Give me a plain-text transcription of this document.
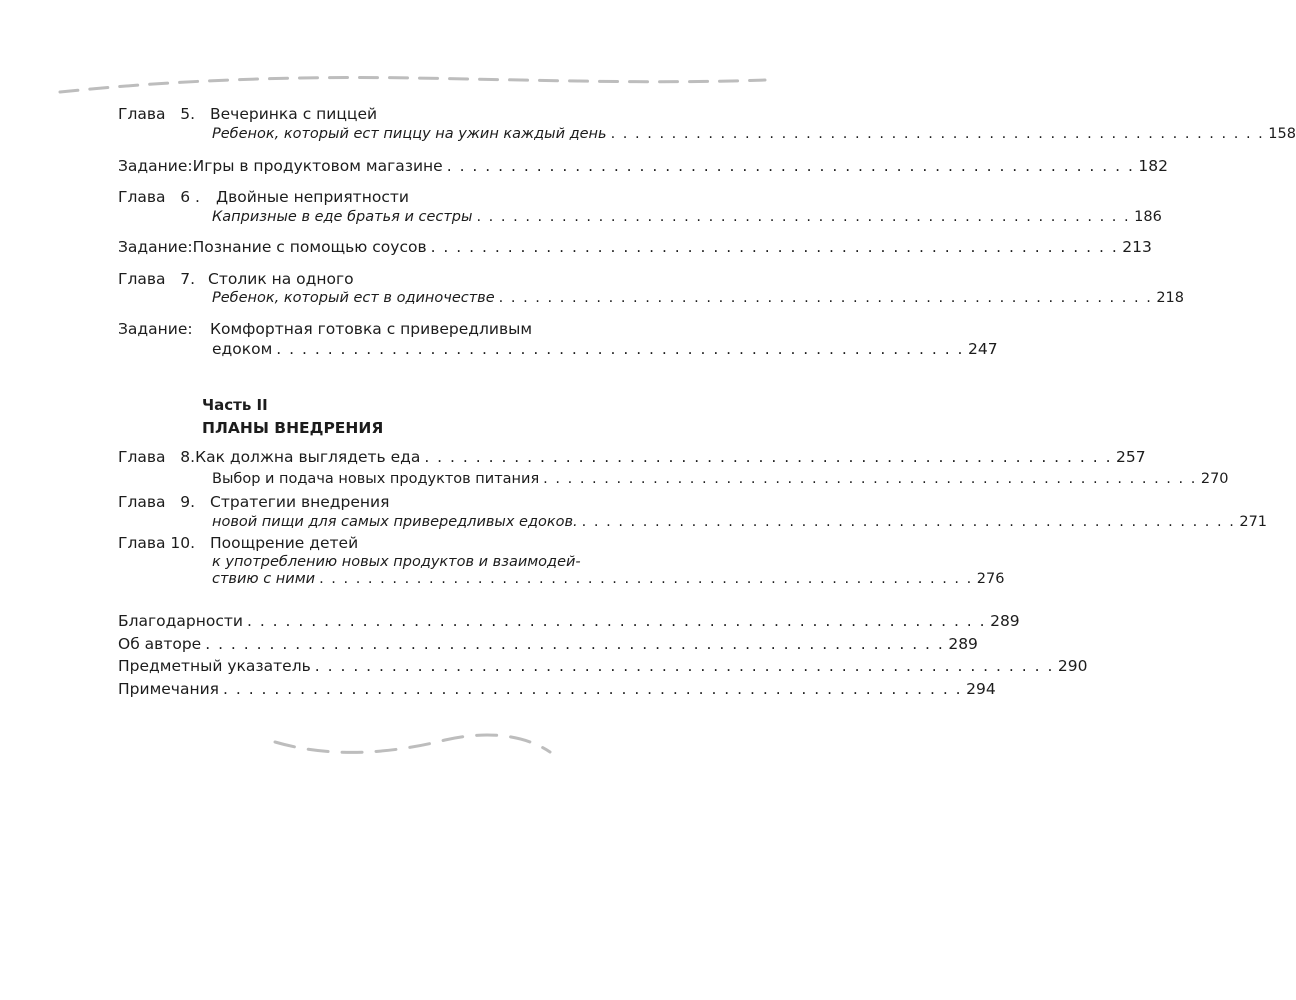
Глава   5. Вечеринка с пиццей
Ребенок, который ест пиццу на ужин каждый день . . . . . . . . . . . . . . . . . . . . . . . . . . . . . . . . . . . . . . . . . . . . . . . . . . . . . . 158
Задание: Игры в продуктовом магазине . . . . . . . . . . . . . . . . . . . . . . . . . . . . . . . . . . . . . . . . . . . . . . . . . . . . . . 182
Глава   6 .	Двойные неприятности
Капризные в еде братья и сестры . . . . . . . . . . . . . . . . . . . . . . . . . . . . . . . . . . . . . . . . . . . . . . . . . . . . . . 186
Задание: Познание с помощью соусов . . . . . . . . . . . . . . . . . . . . . . . . . . . . . . . . . . . . . . . . . . . . . . . . . . . . . . 213
Глава   7. Столик на одного
Ребенок, который ест в одиночестве . . . . . . . . . . . . . . . . . . . . . . . . . . . . . . . . . . . . . . . . . . . . . . . . . . . . . . 218
Задание:	Комфортная готовка с привередливым
едоком . . . . . . . . . . . . . . . . . . . . . . . . . . . . . . . . . . . . . . . . . . . . . . . . . . . . . . 247
Часть II
ПЛАНЫ ВНЕДРЕНИЯ
Глава   8. Как должна выглядеть еда . . . . . . . . . . . . . . . . . . . . . . . . . . . . . . . . . . . . . . . . . . . . . . . . . . . . . . 257
Выбор и подача новых продуктов питания . . . . . . . . . . . . . . . . . . . . . . . . . . . . . . . . . . . . . . . . . . . . . . . . . . . . . . 270
Глава   9. Стратегии внедрения
новой пищи для самых привередливых едоков. . . . . . . . . . . . . . . . . . . . . . . . . . . . . . . . . . . . . . . . . . . . . . . . . . . . . . . 271
Глава 10. Поощрение детей
к употреблению новых продуктов и взаимодей-
ствию с ними . . . . . . . . . . . . . . . . . . . . . . . . . . . . . . . . . . . . . . . . . . . . . . . . . . . . . . 276
Благодарности . . . . . . . . . . . . . . . . . . . . . . . . . . . . . . . . . . . . . . . . . . . . . . . . . . . . . . . . . . 289
Об авторе . . . . . . . . . . . . . . . . . . . . . . . . . . . . . . . . . . . . . . . . . . . . . . . . . . . . . . . . . . 289
Предметный указатель . . . . . . . . . . . . . . . . . . . . . . . . . . . . . . . . . . . . . . . . . . . . . . . . . . . . . . . . . . 290
Примечания . . . . . . . . . . . . . . . . . . . . . . . . . . . . . . . . . . . . . . . . . . . . . . . . . . . . . . . . . . 294
